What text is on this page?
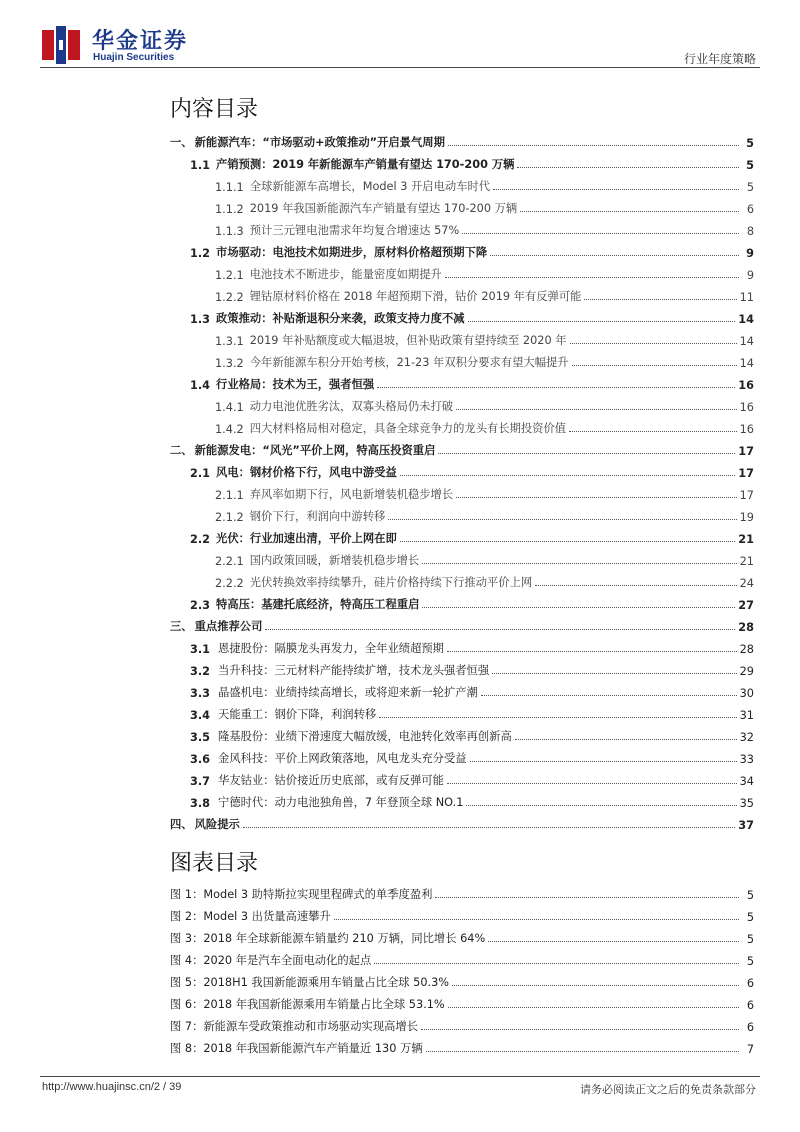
华金证券
Huajin Securities	行业年度策略
内容目录
一、 新能源汽车：“市场驱动+政策推动”开启景气周期	5
1.1 产销预测：2019 年新能源车产销量有望达 170-200 万辆	5
1.1.1 全球新能源车高增长，Model 3 开启电动车时代	5
1.1.2 2019 年我国新能源汽车产销量有望达 170-200 万辆	6
1.1.3 预计三元锂电池需求年均复合增速达 57%	8
1.2 市场驱动：电池技术如期进步，原材料价格超预期下降	9
1.2.1 电池技术不断进步，能量密度如期提升	9
1.2.2 锂钴原材料价格在 2018 年超预期下滑，钴价 2019 年有反弹可能	11
1.3 政策推动：补贴渐退积分来袭，政策支持力度不减	14
1.3.1 2019 年补贴额度或大幅退坡，但补贴政策有望持续至 2020 年	14
1.3.2 今年新能源车积分开始考核，21-23 年双积分要求有望大幅提升	14
1.4 行业格局：技术为王，强者恒强	16
1.4.1 动力电池优胜劣汰，双寡头格局仍未打破	16
1.4.2 四大材料格局相对稳定，具备全球竞争力的龙头有长期投资价值	16
二、 新能源发电：“风光”平价上网，特高压投资重启	17
2.1 风电：钢材价格下行，风电中游受益	17
2.1.1 弃风率如期下行，风电新增装机稳步增长	17
2.1.2 钢价下行，利润向中游转移	19
2.2 光伏：行业加速出清，平价上网在即	21
2.2.1 国内政策回暖，新增装机稳步增长	21
2.2.2 光伏转换效率持续攀升，硅片价格持续下行推动平价上网	24
2.3 特高压：基建托底经济，特高压工程重启	27
三、 重点推荐公司	28
3.1 恩捷股份：隔膜龙头再发力，全年业绩超预期	28
3.2 当升科技：三元材料产能持续扩增，技术龙头强者恒强	29
3.3 晶盛机电：业绩持续高增长，或将迎来新一轮扩产潮	30
3.4 天能重工：钢价下降，利润转移	31
3.5 隆基股份：业绩下滑速度大幅放缓，电池转化效率再创新高	32
3.6 金风科技：平价上网政策落地，风电龙头充分受益	33
3.7 华友钴业：钴价接近历史底部，或有反弹可能	34
3.8 宁德时代：动力电池独角兽，7 年登顶全球 NO.1	35
四、 风险提示	37
图表目录
图 1：Model 3 助特斯拉实现里程碑式的单季度盈利	5
图 2：Model 3 出货量高速攀升	5
图 3：2018 年全球新能源车销量约 210 万辆，同比增长 64%	5
图 4：2020 年是汽车全面电动化的起点	5
图 5：2018H1 我国新能源乘用车销量占比全球 50.3%	6
图 6：2018 年我国新能源乘用车销量占比全球 53.1%	6
图 7：新能源车受政策推动和市场驱动实现高增长	6
图 8：2018 年我国新能源汽车产销量近 130 万辆	7
http://www.huajinsc.cn/2 / 39	请务必阅读正文之后的免责条款部分
